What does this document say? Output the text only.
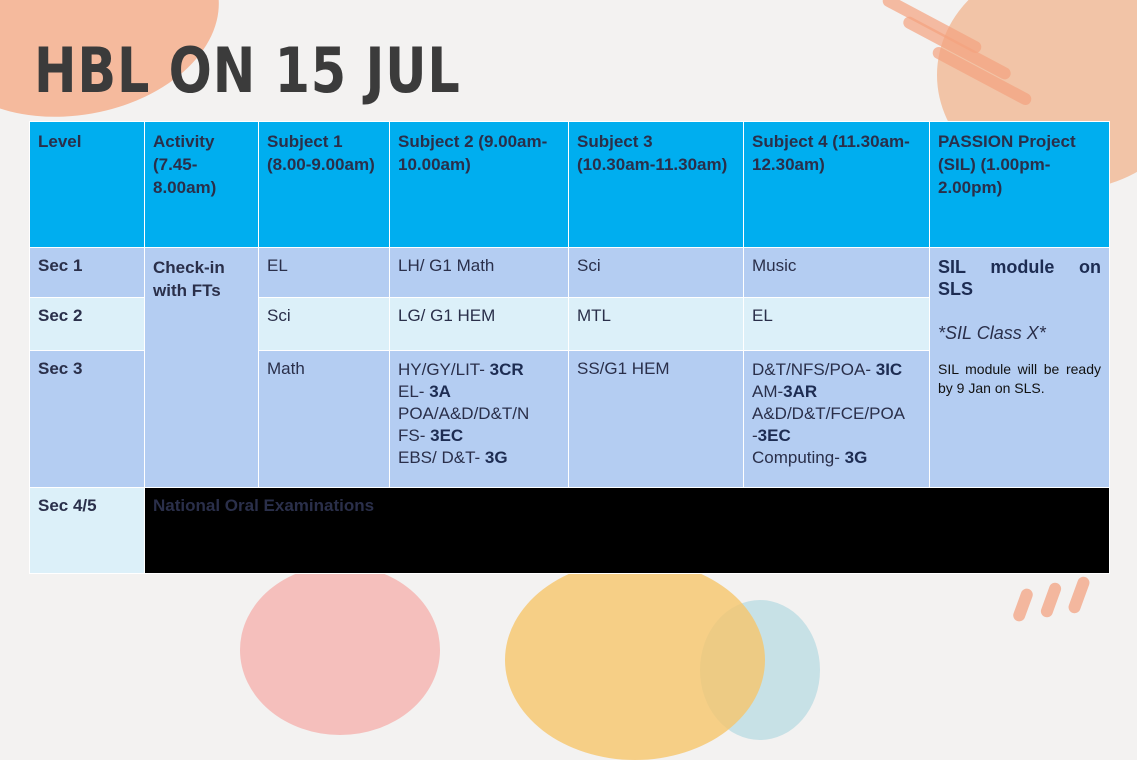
HBL ON 15 JUL
Level	Activity (7.45-8.00am)	Subject 1 (8.00-9.00am)	Subject 2 (9.00am-10.00am)	Subject 3 (10.30am-11.30am)	Subject 4 (11.30am-12.30am)	PASSION Project (SIL) (1.00pm-2.00pm)
Sec 1	Check-in with FTs	EL	LH/ G1 Math	Sci	Music	SIL module on SLS
*SIL Class X*
SIL module will be ready by 9 Jan on SLS.

Sec 2		Sci	LG/ G1 HEM	MTL	EL	
Sec 3		Math	HY/GY/LIT- 3CR
EL- 3A
POA/A&D/D&T/N
FS- 3EC
EBS/ D&T- 3G	SS/G1 HEM	D&T/NFS/POA- 3IC
AM-3AR
A&D/D&T/FCE/POA
-3EC
Computing- 3G	

Sec 4/5	National Oral Examinations					
